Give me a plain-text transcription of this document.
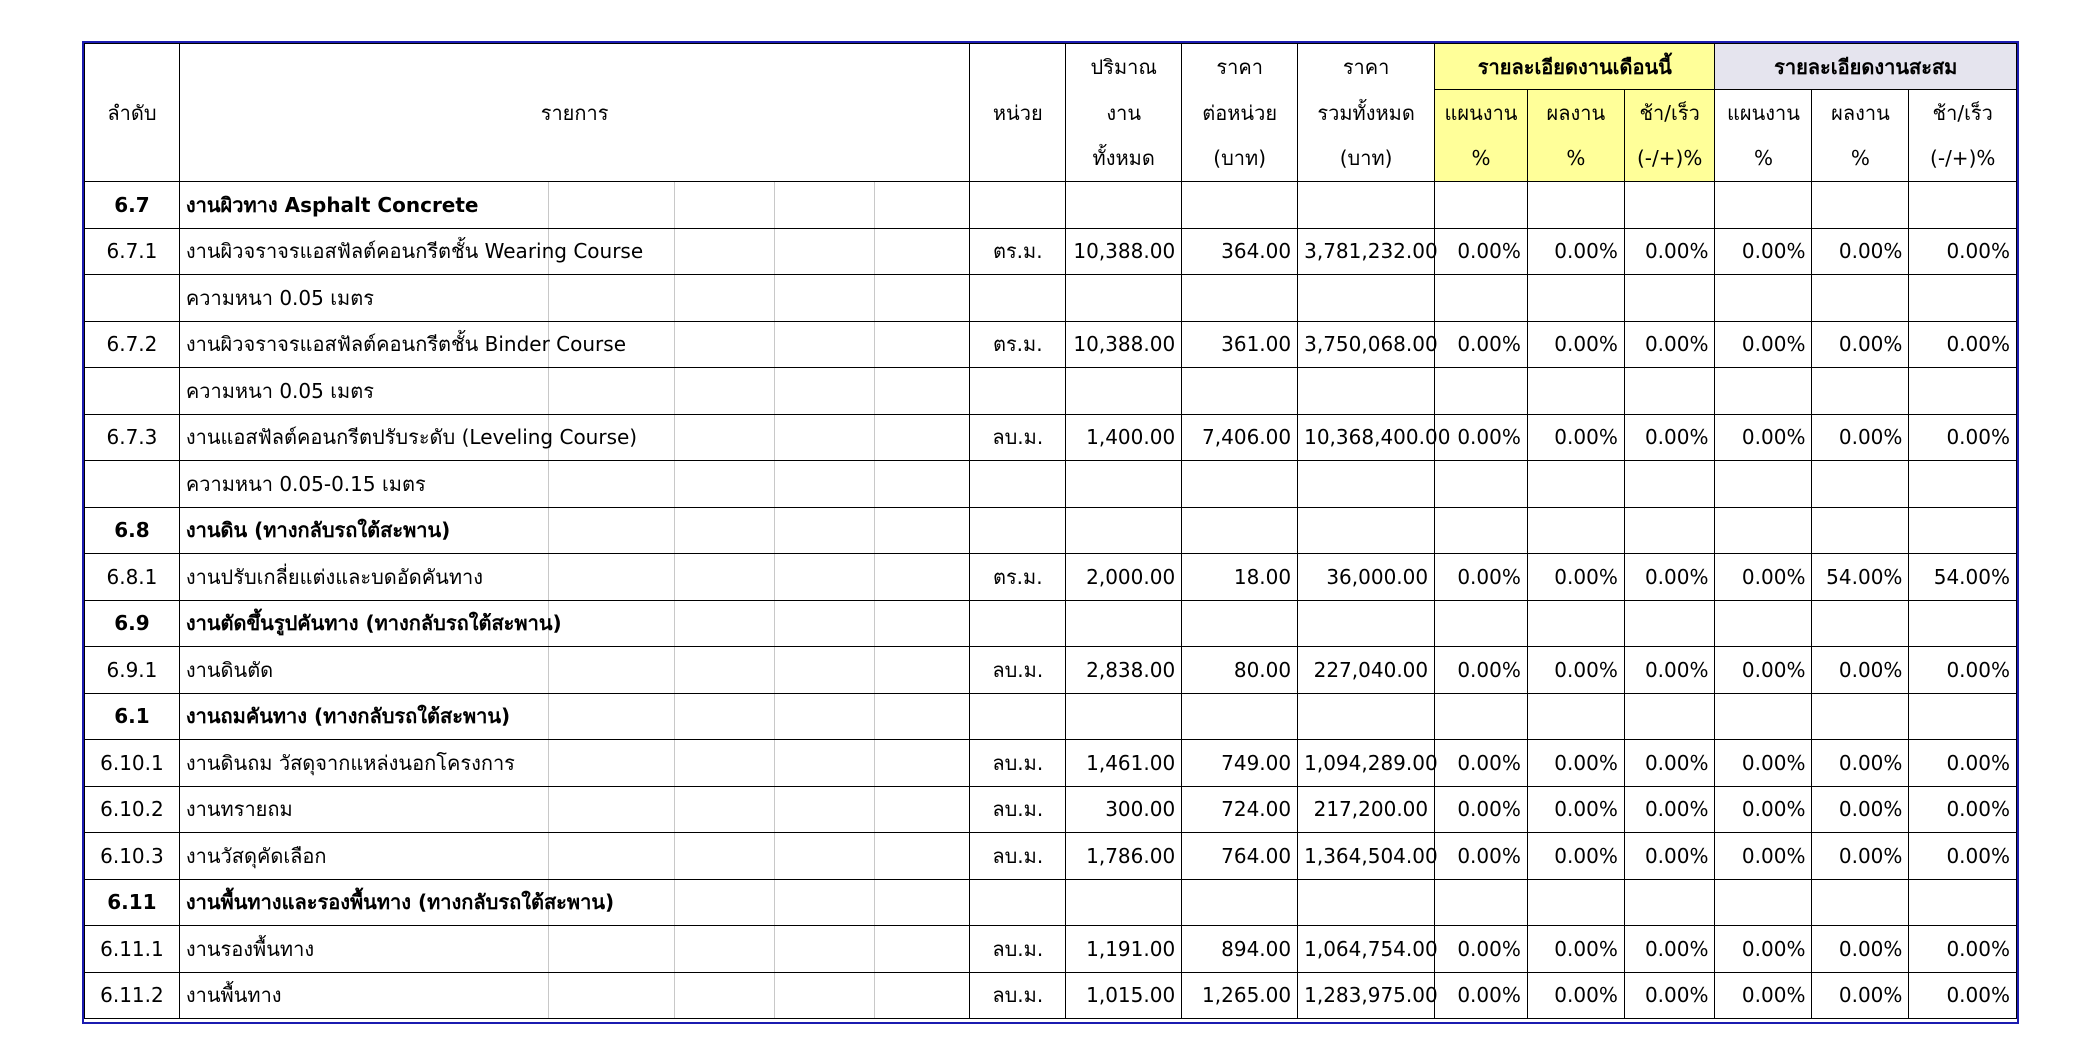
ลำดับ	รายการ					หน่วย	ปริมาณ	ราคา	ราคา	รายละเอียดงานเดือนนี้			รายละเอียดงานสะสม		
							งาน	ต่อหน่วย	รวมทั้งหมด	แผนงาน	ผลงาน	ช้า/เร็ว	แผนงาน	ผลงาน	ช้า/เร็ว
							ทั้งหมด	(บาท)	(บาท)	%	%	(-/+)%	%	%	(-/+)%
6.7	งานผิวทาง Asphalt Concrete														
6.7.1	งานผิวจราจรแอสฟัลต์คอนกรีตชั้น Wearing Course					ตร.ม.	10,388.00	364.00	3,781,232.00	0.00%	0.00%	0.00%	0.00%	0.00%	0.00%
	ความหนา 0.05 เมตร														
6.7.2	งานผิวจราจรแอสฟัลต์คอนกรีตชั้น Binder Course					ตร.ม.	10,388.00	361.00	3,750,068.00	0.00%	0.00%	0.00%	0.00%	0.00%	0.00%
	ความหนา 0.05 เมตร														
6.7.3	งานแอสฟัลต์คอนกรีตปรับระดับ (Leveling Course)					ลบ.ม.	1,400.00	7,406.00	10,368,400.00	0.00%	0.00%	0.00%	0.00%	0.00%	0.00%
	ความหนา 0.05-0.15 เมตร														
6.8	งานดิน (ทางกลับรถใต้สะพาน)														
6.8.1	งานปรับเกลี่ยแต่งและบดอัดคันทาง					ตร.ม.	2,000.00	18.00	36,000.00	0.00%	0.00%	0.00%	0.00%	54.00%	54.00%
6.9	งานตัดขึ้นรูปคันทาง (ทางกลับรถใต้สะพาน)														
6.9.1	งานดินตัด					ลบ.ม.	2,838.00	80.00	227,040.00	0.00%	0.00%	0.00%	0.00%	0.00%	0.00%
6.1	งานถมคันทาง (ทางกลับรถใต้สะพาน)														
6.10.1	งานดินถม วัสดุจากแหล่งนอกโครงการ					ลบ.ม.	1,461.00	749.00	1,094,289.00	0.00%	0.00%	0.00%	0.00%	0.00%	0.00%
6.10.2	งานทรายถม					ลบ.ม.	300.00	724.00	217,200.00	0.00%	0.00%	0.00%	0.00%	0.00%	0.00%
6.10.3	งานวัสดุคัดเลือก					ลบ.ม.	1,786.00	764.00	1,364,504.00	0.00%	0.00%	0.00%	0.00%	0.00%	0.00%
6.11	งานพื้นทางและรองพื้นทาง (ทางกลับรถใต้สะพาน)														
6.11.1	งานรองพื้นทาง					ลบ.ม.	1,191.00	894.00	1,064,754.00	0.00%	0.00%	0.00%	0.00%	0.00%	0.00%
6.11.2	งานพื้นทาง					ลบ.ม.	1,015.00	1,265.00	1,283,975.00	0.00%	0.00%	0.00%	0.00%	0.00%	0.00%
